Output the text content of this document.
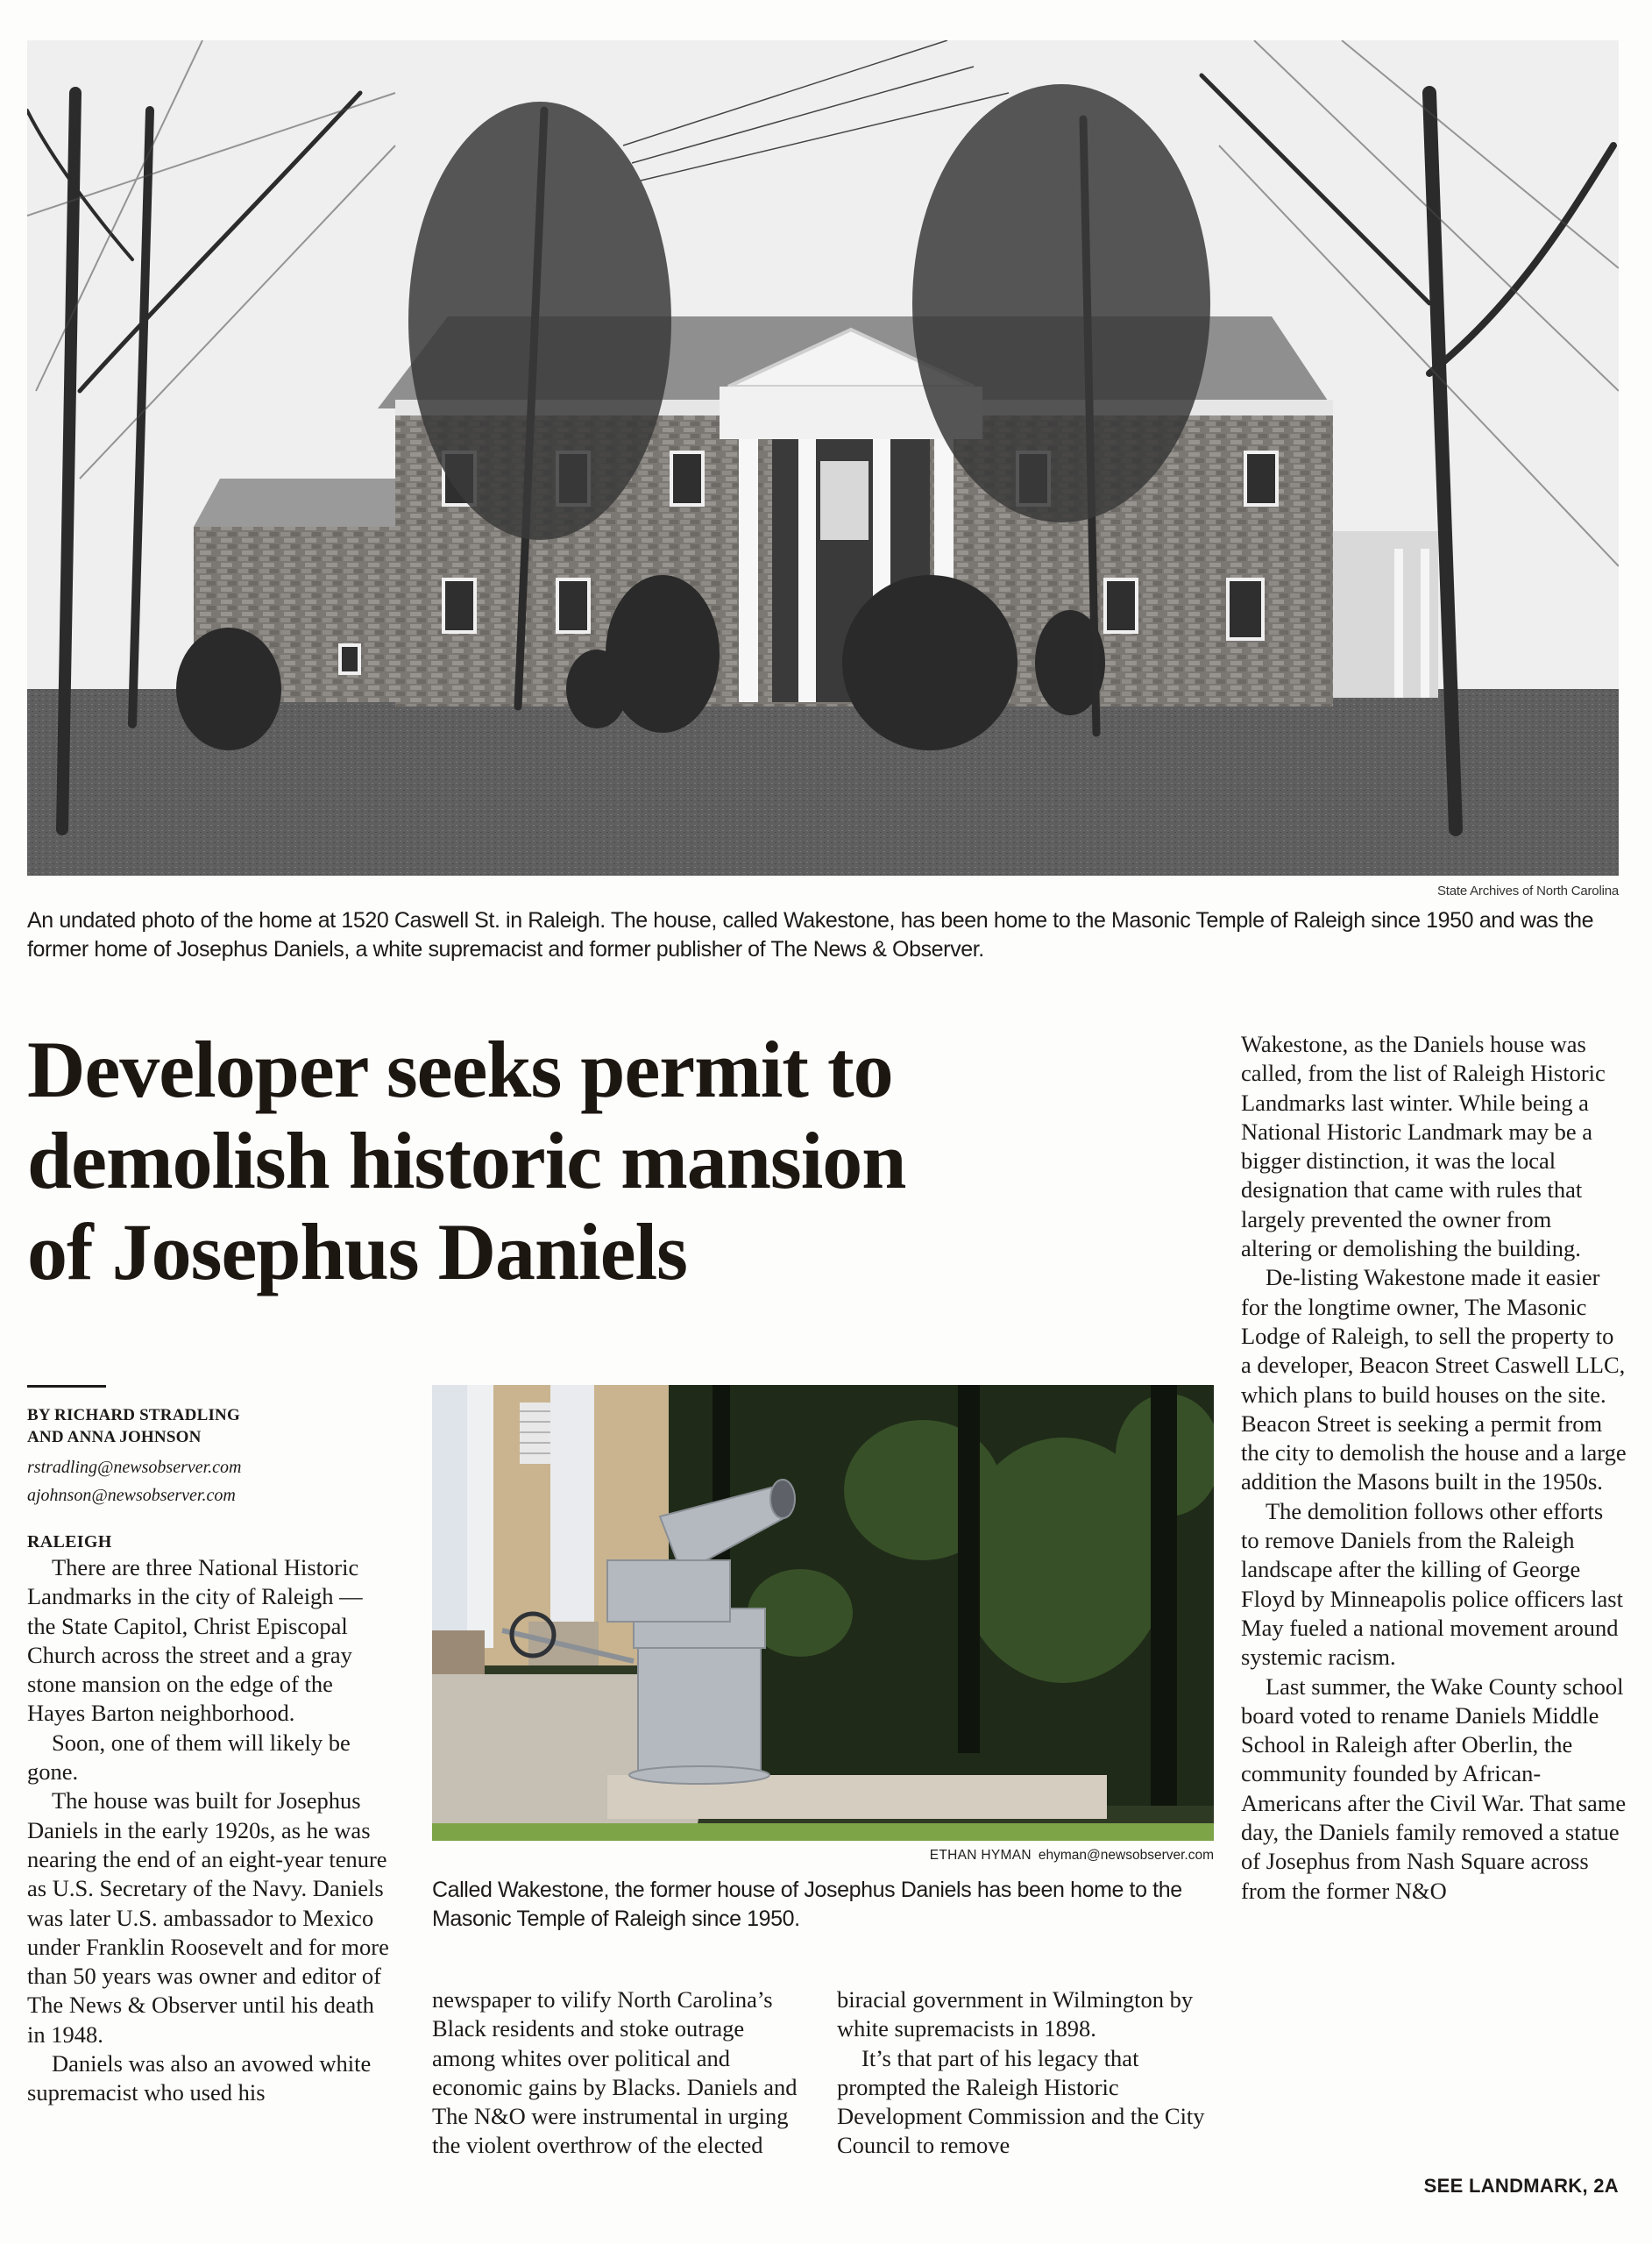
State Archives of North Carolina
An undated photo of the home at 1520 Caswell St. in Raleigh. The house, called Wakestone, has been home to the Masonic Temple of Raleigh since 1950 and was the former home of Josephus Daniels, a white supremacist and former publisher of The News & Observer.
Developer seeks permit to
demolish historic mansion
of Josephus Daniels
BY RICHARD STRADLING
AND ANNA JOHNSON
rstradling@newsobserver.com
ajohnson@newsobserver.com
RALEIGH

There are three National Historic Landmarks in the city of Raleigh — the State Capitol, Christ Episcopal Church across the street and a gray stone mansion on the edge of the Hayes Barton neighborhood.

Soon, one of them will likely be gone.

The house was built for Josephus Daniels in the early 1920s, as he was nearing the end of an eight-year tenure as U.S. Secretary of the Navy. Daniels was later U.S. ambassador to Mexico under Franklin Roosevelt and for more than 50 years was owner and editor of The News & Observer until his death in 1948.

Daniels was also an avowed white supremacist who used his

ETHAN HYMAN ehyman@newsobserver.com
Called Wakestone, the former house of Josephus Daniels has been home to the Masonic Temple of Raleigh since 1950.

newspaper to vilify North Carolina’s Black residents and stoke outrage among whites over political and economic gains by Blacks. Daniels and The N&O were instrumental in urging the violent overthrow of the elected

biracial government in Wilmington by white supremacists in 1898.

It’s that part of his legacy that prompted the Raleigh Historic Development Commission and the City Council to remove

Wakestone, as the Daniels house was called, from the list of Raleigh Historic Landmarks last winter. While being a National Historic Landmark may be a bigger distinction, it was the local designation that came with rules that largely prevented the owner from altering or demolishing the building.

De-listing Wakestone made it easier for the longtime owner, The Masonic Lodge of Raleigh, to sell the property to a developer, Beacon Street Caswell LLC, which plans to build houses on the site. Beacon Street is seeking a permit from the city to demolish the house and a large addition the Masons built in the 1950s.

The demolition follows other efforts to remove Daniels from the Raleigh landscape after the killing of George Floyd by Minneapolis police officers last May fueled a national movement around systemic racism.

Last summer, the Wake County school board voted to rename Daniels Middle School in Raleigh after Oberlin, the community founded by African-Americans after the Civil War. That same day, the Daniels family removed a statue of Josephus from Nash Square across from the former N&O

SEE LANDMARK, 2A
